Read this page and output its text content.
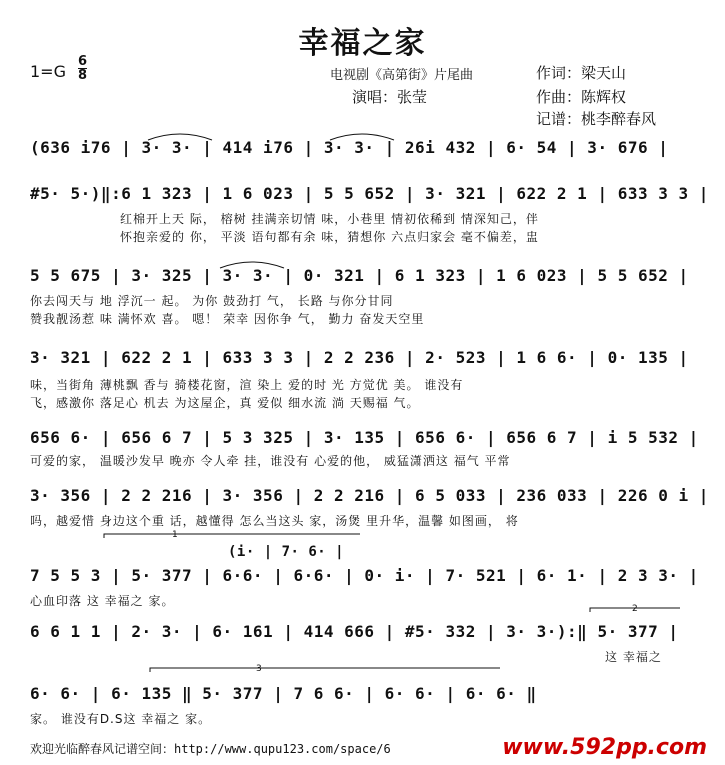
幸福之家
$1=G \frac{6}{8}$	电视剧《高第街》片尾曲
演唱：张莹
作词：梁天山
作曲：陈辉权
记谱：桃李醉春风
(636 i76 | 3· 3· | 414 i76 | 3· 3· | 26i 432 | 6· 54 | 3· 676 |
#5· 5·)‖:6 1 323 | 1 6 023 | 5 5 652 | 3· 321 | 622 2 1 | 633 3 3 |
红棉开上天 际， 榕树 挂满亲切情 味，小巷里 情初依稀到 情深知己，伴
怀抱亲爱的 你， 平淡 语句都有余 味，猜想你 六点归家会 毫不偏差，盅
5 5 675 | 3· 325 | 3· 3· | 0· 321 | 6 1 323 | 1 6 023 | 5 5 652 |
你去闯天与 地 浮沉一 起。 为你 鼓劲打 气， 长路 与你分甘同
赞我靓汤惹 味 满怀欢 喜。 嗯！ 荣幸 因你争 气， 勤力 奋发天空里
3· 321 | 622 2 1 | 633 3 3 | 2 2 236 | 2· 523 | 1 6 6· | 0· 135 |
味，当街角 薄桃飘 香与 骑楼花窗，渲 染上 爱的时 光 方觉优 美。 谁没有
飞，感激你 落足心 机去 为这屋企，真 爱似 细水流 淌 天赐福 气。
656 6· | 656 6 7 | 5 3 325 | 3· 135 | 656 6· | 656 6 7 | i 5 532 |
可爱的家， 温暖沙发早 晚亦 令人牵 挂，谁没有 心爱的他， 威猛潇洒这 福气 平常
3· 356 | 2 2 216 | 3· 356 | 2 2 216 | 6 5 033 | 236 033 | 226 0 i |
吗，越爱惜 身边这个重 话，越懂得 怎么当这头 家，汤煲 里升华，温馨 如图画， 将
(i· | 7· 6· |
7 5 5 3 | 5· 377 | 6·6· | 6·6· | 0· i· | 7· 521 | 6· 1· | 2 3 3· |
心血印落 这 幸福之 家。
6 6 1 1 | 2· 3· | 6· 161 | 414 666 | #5· 332 | 3· 3·):‖ 5· 377 |
这 幸福之
6· 6· | 6· 135 ‖ 5· 377 | 7 6 6· | 6· 6· | 6· 6· ‖
家。 谁没有D.S这 幸福之 家。
1
2
3
欢迎光临醉春风记谱空间：http://www.qupu123.com/space/6	www.592pp.com
